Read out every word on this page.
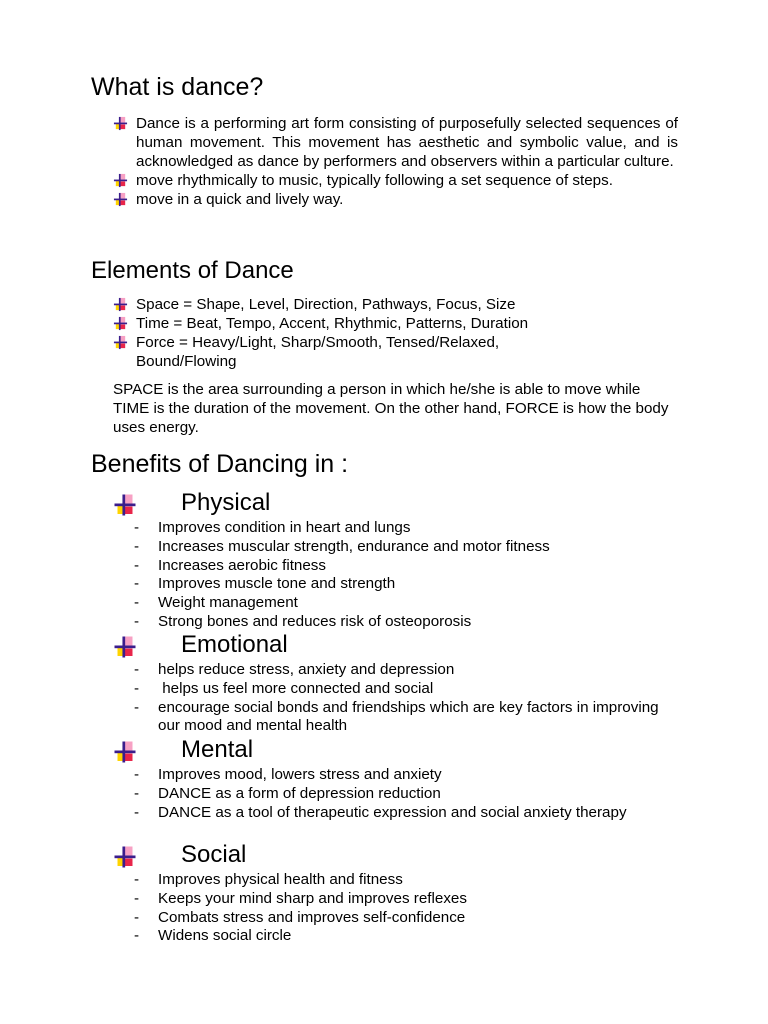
What is dance?
Dance is a performing art form consisting of purposefully selected sequences of human movement. This movement has aesthetic and symbolic value, and is acknowledged as dance by performers and observers within a particular culture.
move rhythmically to music, typically following a set sequence of steps.
move in a quick and lively way.
Elements of Dance
Space = Shape, Level, Direction, Pathways, Focus, Size
Time = Beat, Tempo, Accent, Rhythmic, Patterns, Duration
Force = Heavy/Light, Sharp/Smooth, Tensed/Relaxed, Bound/Flowing

SPACE is the area surrounding a person in which he/she is able to move while TIME is the duration of the movement. On the other hand, FORCE is how the body uses energy.

Benefits of Dancing in :
Physical
- Improves condition in heart and lungs
- Increases muscular strength, endurance and motor fitness
- Increases aerobic fitness
- Improves muscle tone and strength
- Weight management
- Strong bones and reduces risk of osteoporosis
Emotional
- helps reduce stress, anxiety and depression
- helps us feel more connected and social
- encourage social bonds and friendships which are key factors in improving our mood and mental health
Mental
- Improves mood, lowers stress and anxiety
- DANCE as a form of depression reduction
- DANCE as a tool of therapeutic expression and social anxiety therapy
Social
- Improves physical health and fitness
- Keeps your mind sharp and improves reflexes
- Combats stress and improves self-confidence
- Widens social circle
